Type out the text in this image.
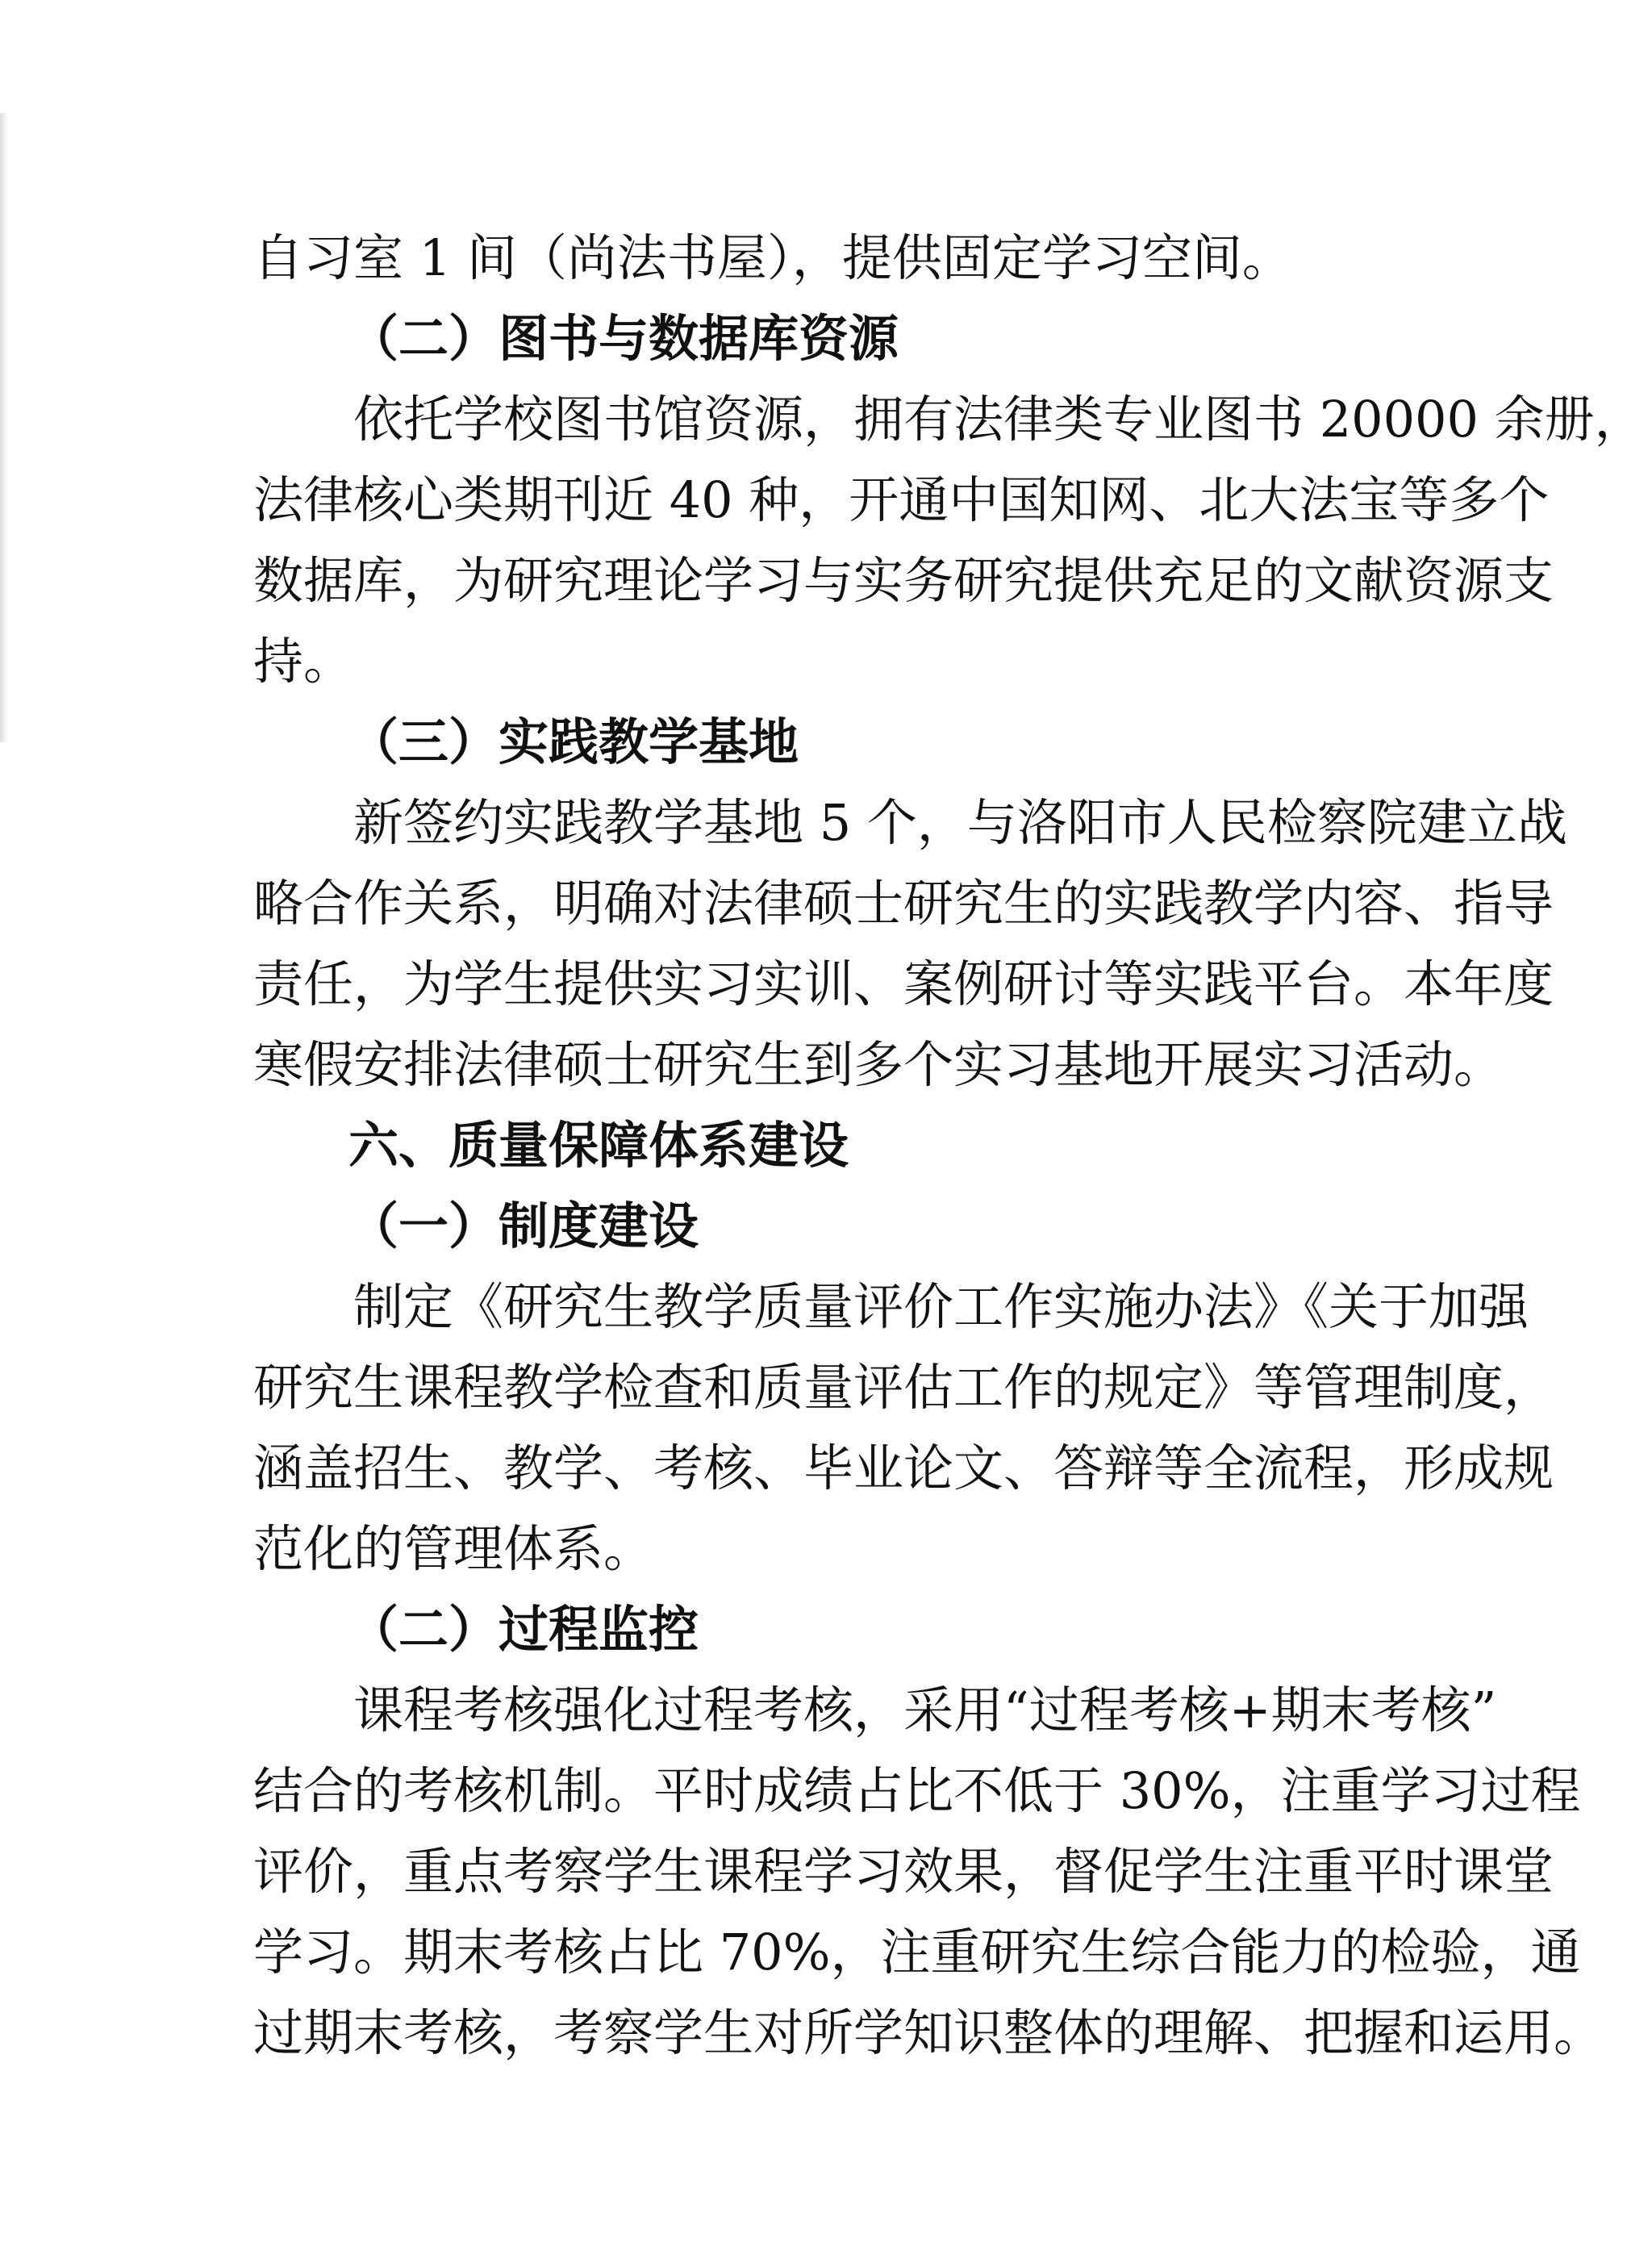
自习室 1 间（尚法书屋），提供固定学习空间。
（二）图书与数据库资源
依托学校图书馆资源，拥有法律类专业图书 20000 余册，
法律核心类期刊近 40 种，开通中国知网、北大法宝等多个
数据库，为研究理论学习与实务研究提供充足的文献资源支
持。
（三）实践教学基地
新签约实践教学基地 5 个，与洛阳市人民检察院建立战
略合作关系，明确对法律硕士研究生的实践教学内容、指导
责任，为学生提供实习实训、案例研讨等实践平台。本年度
寒假安排法律硕士研究生到多个实习基地开展实习活动。
六、质量保障体系建设
（一）制度建设
制定《研究生教学质量评价工作实施办法》《关于加强
研究生课程教学检查和质量评估工作的规定》等管理制度，
涵盖招生、教学、考核、毕业论文、答辩等全流程，形成规
范化的管理体系。
（二）过程监控
课程考核强化过程考核，采用“过程考核+期末考核”
结合的考核机制。平时成绩占比不低于 30%，注重学习过程
评价，重点考察学生课程学习效果，督促学生注重平时课堂
学习。期末考核占比 70%，注重研究生综合能力的检验，通
过期末考核，考察学生对所学知识整体的理解、把握和运用。
